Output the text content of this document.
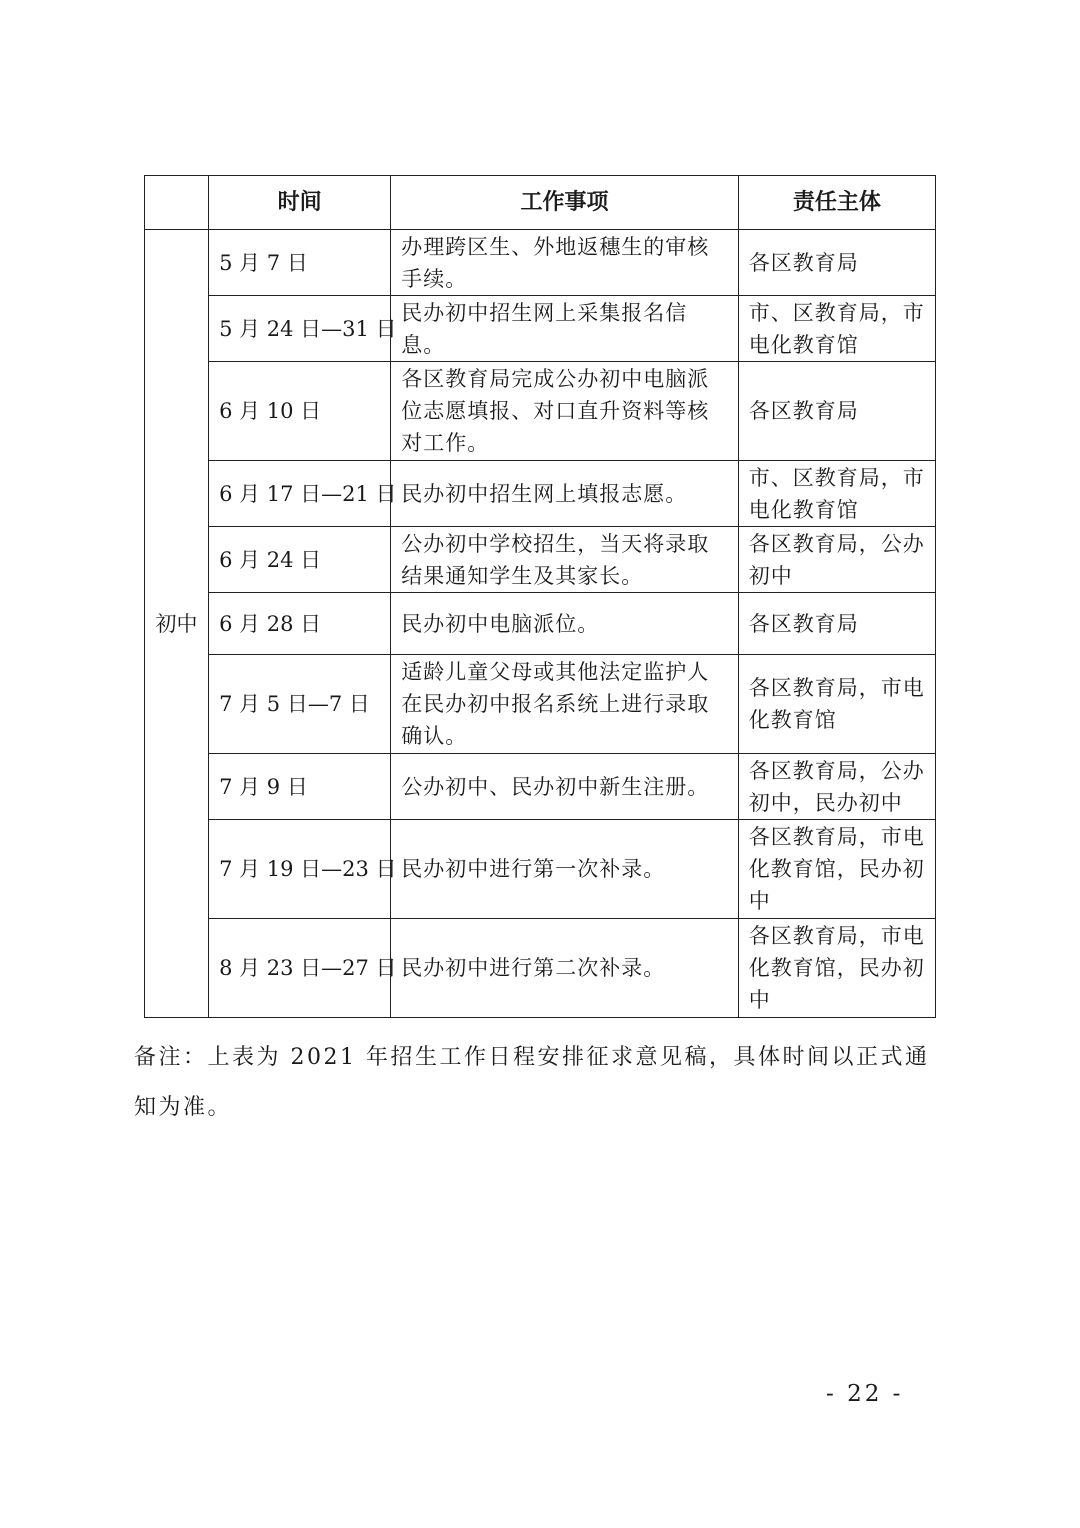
	时间	工作事项	责任主体
初中	5 月 7 日	办理跨区生、外地返穗生的审核手续。	各区教育局
	5 月 24 日—31 日	民办初中招生网上采集报名信息。	市、区教育局，市电化教育馆
	6 月 10 日	各区教育局完成公办初中电脑派位志愿填报、对口直升资料等核对工作。	各区教育局
	6 月 17 日—21 日	民办初中招生网上填报志愿。	市、区教育局，市电化教育馆
	6 月 24 日	公办初中学校招生，当天将录取结果通知学生及其家长。	各区教育局，公办初中
	6 月 28 日	民办初中电脑派位。	各区教育局
	7 月 5 日—7 日	适龄儿童父母或其他法定监护人在民办初中报名系统上进行录取确认。	各区教育局，市电化教育馆
	7 月 9 日	公办初中、民办初中新生注册。	各区教育局，公办初中，民办初中
	7 月 19 日—23 日	民办初中进行第一次补录。	各区教育局，市电化教育馆，民办初中
	8 月 23 日—27 日	民办初中进行第二次补录。	各区教育局，市电化教育馆，民办初中
备注：上表为 2021 年招生工作日程安排征求意见稿，具体时间以正式通知为准。
- 22 -
